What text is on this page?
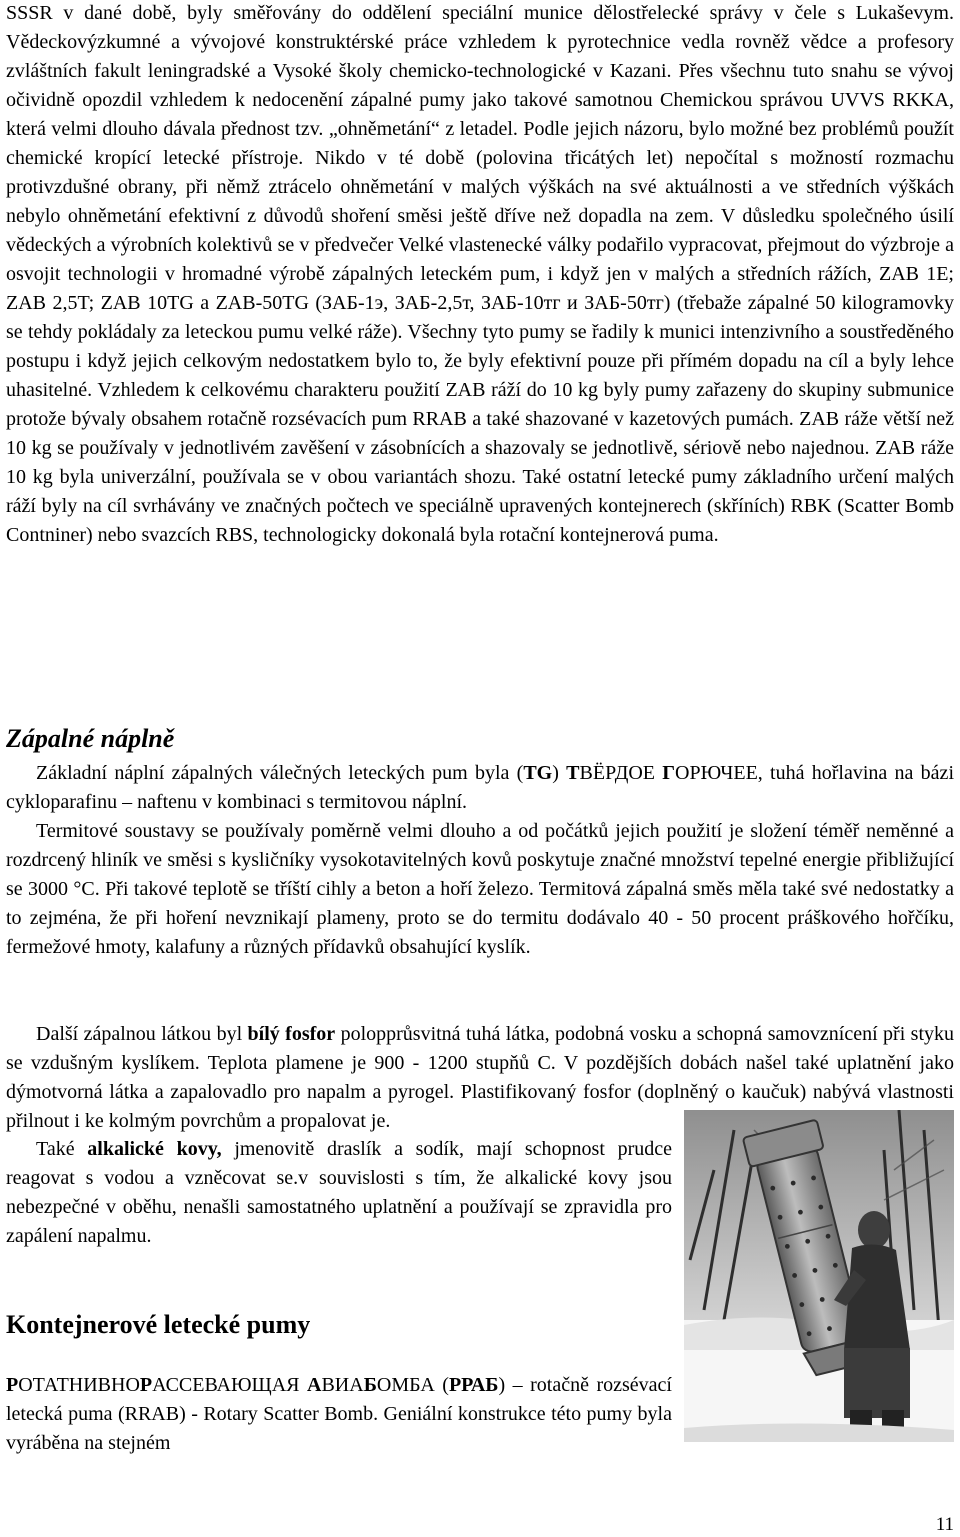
SSSR v dané době, byly směřovány do oddělení speciální munice dělostřelecké správy v čele s Lukaševym. Vědeckovýzkumné a vývojové konstruktérské práce vzhledem k pyrotechnice vedla rovněž vědce a profesory zvláštních fakult leningradské a Vysoké školy chemicko-technologické v Kazani. Přes všechnu tuto snahu se vývoj očividně opozdil vzhledem k nedocenění zápalné pumy jako takové samotnou Chemickou správou UVVS RKKA, která velmi dlouho dávala přednost tzv. „ohněmetání“ z letadel. Podle jejich názoru, bylo možné bez problémů použít chemické kropící letecké přístroje. Nikdo v té době (polovina třicátých let) nepočítal s možností rozmachu protivzdušné obrany, při němž ztrácelo ohněmetání v malých výškách na své aktuálnosti a ve středních výškách nebylo ohněmetání efektivní z důvodů shoření směsi ještě dříve než dopadla na zem. V důsledku společného úsilí vědeckých a výrobních kolektivů se v předvečer Velké vlastenecké války podařilo vypracovat, přejmout do výzbroje a osvojit technologii v hromadné výrobě zápalných leteckém pum, i když jen v malých a středních rážích, ZAB 1E; ZAB 2,5T; ZAB 10TG a ZAB-50TG (ЗАБ-1э, ЗАБ-2,5т, ЗАБ-10тг и ЗАБ-50тг) (třebaže zápalné 50 kilogramovky se tehdy pokládaly za leteckou pumu velké ráže). Všechny tyto pumy se řadily k munici intenzivního a soustředěného postupu i když jejich celkovým nedostatkem bylo to, že byly efektivní pouze při přímém dopadu na cíl a byly lehce uhasitelné. Vzhledem k celkovému charakteru použití ZAB ráží do 10 kg byly pumy zařazeny do skupiny submunice protože bývaly obsahem rotačně rozsévacích pum RRAB a také shazované v kazetových pumách. ZAB ráže větší než 10 kg se používaly v jednotlivém zavěšení v zásobnících a shazovaly se jednotlivě, sériově nebo najednou. ZAB ráže 10 kg byla univerzální, používala se v obou variantách shozu. Také ostatní letecké pumy základního určení malých ráží byly na cíl svrhávány ve značných počtech ve speciálně upravených kontejnerech (skříních) RBK (Scatter Bomb Contniner) nebo svazcích RBS, technologicky dokonalá byla rotační kontejnerová puma.

Zápalné náplně

Základní náplní zápalných válečných leteckých pum byla (TG) TВЁРДОЕ ГОРЮЧЕЕ, tuhá hořlavina na bázi cykloparafinu – naftenu v kombinaci s termitovou náplní.

Termitové soustavy se používaly poměrně velmi dlouho a od počátků jejich použití je složení téměř neměnné a rozdrcený hliník ve směsi s kysličníky vysokotavitelných kovů poskytuje značné množství tepelné energie přibližující se 3000 °C. Při takové teplotě se tříští cihly a beton a hoří železo. Termitová zápalná směs měla také své nedostatky a to zejména, že při hoření nevznikají plameny, proto se do termitu dodávalo 40 - 50 procent práškového hořčíku, fermežové hmoty, kalafuny a různých přídavků obsahující kyslík.

Další zápalnou látkou byl bílý fosfor polopprůsvitná tuhá látka, podobná vosku a schopná samovznícení při styku se vzdušným kyslíkem. Teplota plamene je 900 - 1200 stupňů C. V pozdějších dobách našel také uplatnění jako dýmotvorná látka a zapalovadlo pro napalm a pyrogel. Plastifikovaný fosfor (doplněný o kaučuk) nabývá vlastnosti přilnout i ke kolmým povrchům a propalovat je.

Také alkalické kovy, jmenovitě draslík a sodík, mají schopnost prudce reagovat s vodou a vzněcovat se.v souvislosti s tím, že alkalické kovy jsou nebezpečné v oběhu, nenašli samostatného uplatnění a používají se zpravidla pro zapálení napalmu.

Kontejnerové letecké pumy

РОТАТНИВНОРАССЕВАЮЩАЯ АВИАБОМБА (РРАБ) – rotačně rozsévací letecká puma (RRAB) - Rotary Scatter Bomb. Geniální konstrukce této pumy byla vyráběna na stejném

11
